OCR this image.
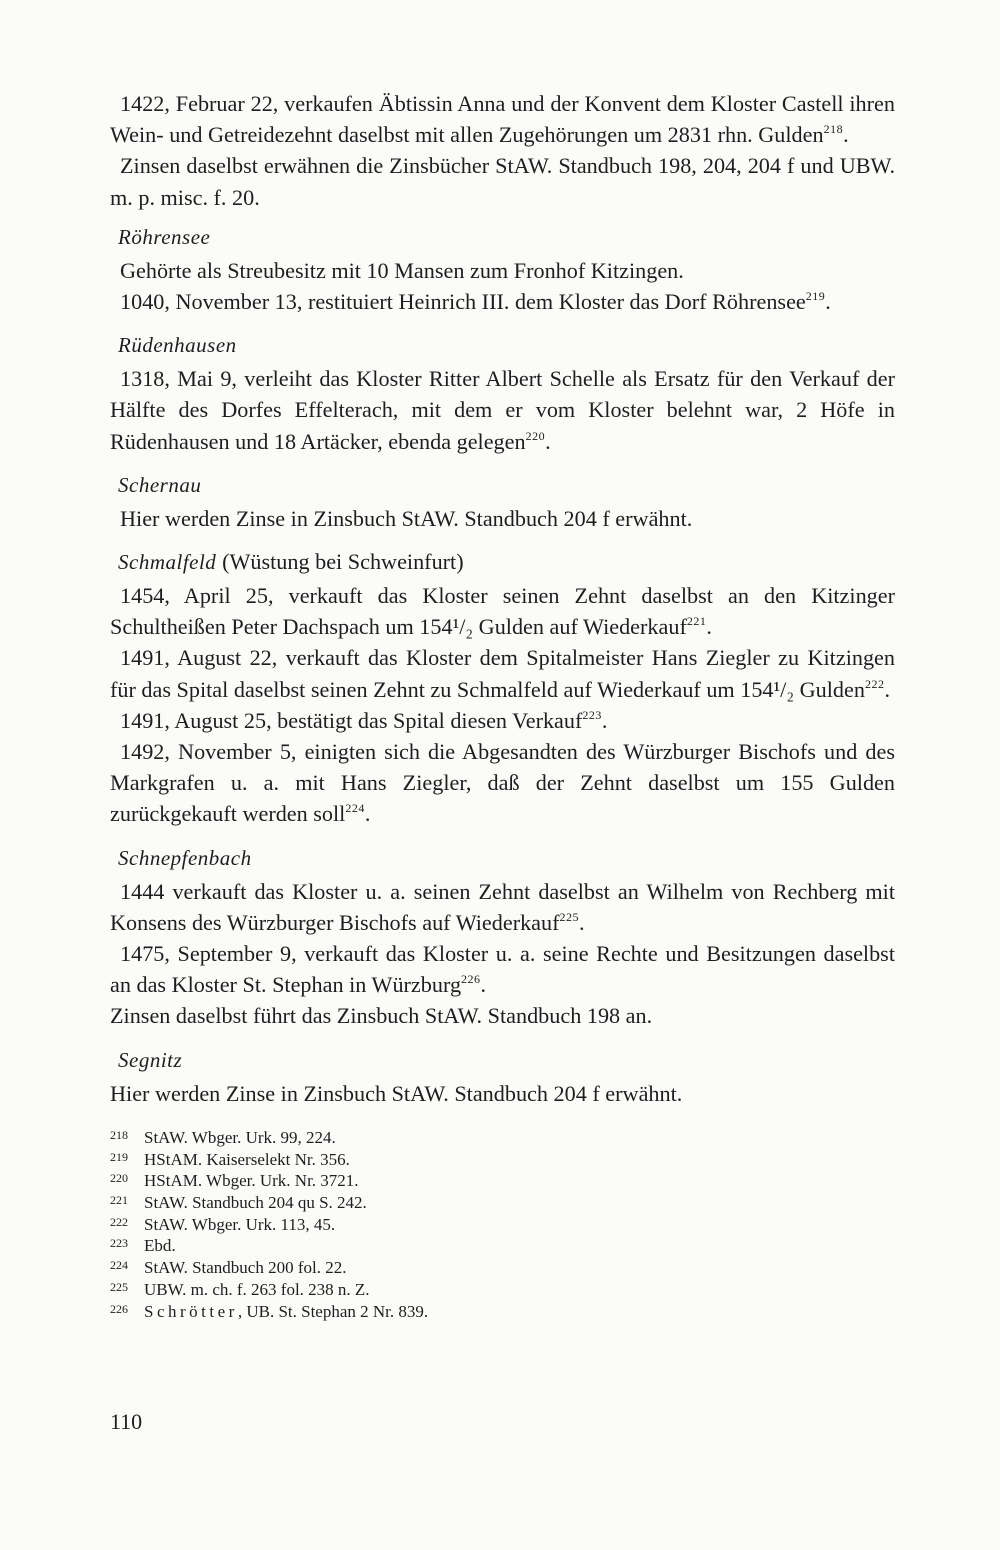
1422, Februar 22, verkaufen Äbtissin Anna und der Konvent dem Kloster Castell ihren Wein- und Getreidezehnt daselbst mit allen Zugehörungen um 2831 rhn. Gulden$^{218}$.

Zinsen daselbst erwähnen die Zinsbücher StAW. Standbuch 198, 204, 204 f und UBW. m. p. misc. f. 20.

Röhrensee

Gehörte als Streubesitz mit 10 Mansen zum Fronhof Kitzingen.

1040, November 13, restituiert Heinrich III. dem Kloster das Dorf Röhrensee$^{219}$.

Rüdenhausen

1318, Mai 9, verleiht das Kloster Ritter Albert Schelle als Ersatz für den Verkauf der Hälfte des Dorfes Effelterach, mit dem er vom Kloster belehnt war, 2 Höfe in Rüdenhausen und 18 Artäcker, ebenda gelegen$^{220}$.

Schernau

Hier werden Zinse in Zinsbuch StAW. Standbuch 204 f erwähnt.

Schmalfeld (Wüstung bei Schweinfurt)

1454, April 25, verkauft das Kloster seinen Zehnt daselbst an den Kitzinger Schultheißen Peter Dachspach um 154¹/₂ Gulden auf Wiederkauf$^{221}$.

1491, August 22, verkauft das Kloster dem Spitalmeister Hans Ziegler zu Kitzingen für das Spital daselbst seinen Zehnt zu Schmalfeld auf Wiederkauf um 154¹/₂ Gulden$^{222}$.

1491, August 25, bestätigt das Spital diesen Verkauf$^{223}$.

1492, November 5, einigten sich die Abgesandten des Würzburger Bischofs und des Markgrafen u. a. mit Hans Ziegler, daß der Zehnt daselbst um 155 Gulden zurückgekauft werden soll$^{224}$.

Schnepfenbach

1444 verkauft das Kloster u. a. seinen Zehnt daselbst an Wilhelm von Rechberg mit Konsens des Würzburger Bischofs auf Wiederkauf$^{225}$.

1475, September 9, verkauft das Kloster u. a. seine Rechte und Besitzungen daselbst an das Kloster St. Stephan in Würzburg$^{226}$.

Zinsen daselbst führt das Zinsbuch StAW. Standbuch 198 an.

Segnitz

Hier werden Zinse in Zinsbuch StAW. Standbuch 204 f erwähnt.

218 StAW. Wbger. Urk. 99, 224.
219 HStAM. Kaiserselekt Nr. 356.
220 HStAM. Wbger. Urk. Nr. 3721.
221 StAW. Standbuch 204 qu S. 242.
222 StAW. Wbger. Urk. 113, 45.
223 Ebd.
224 StAW. Standbuch 200 fol. 22.
225 UBW. m. ch. f. 263 fol. 238 n. Z.
226 Schrötter, UB. St. Stephan 2 Nr. 839.
110
